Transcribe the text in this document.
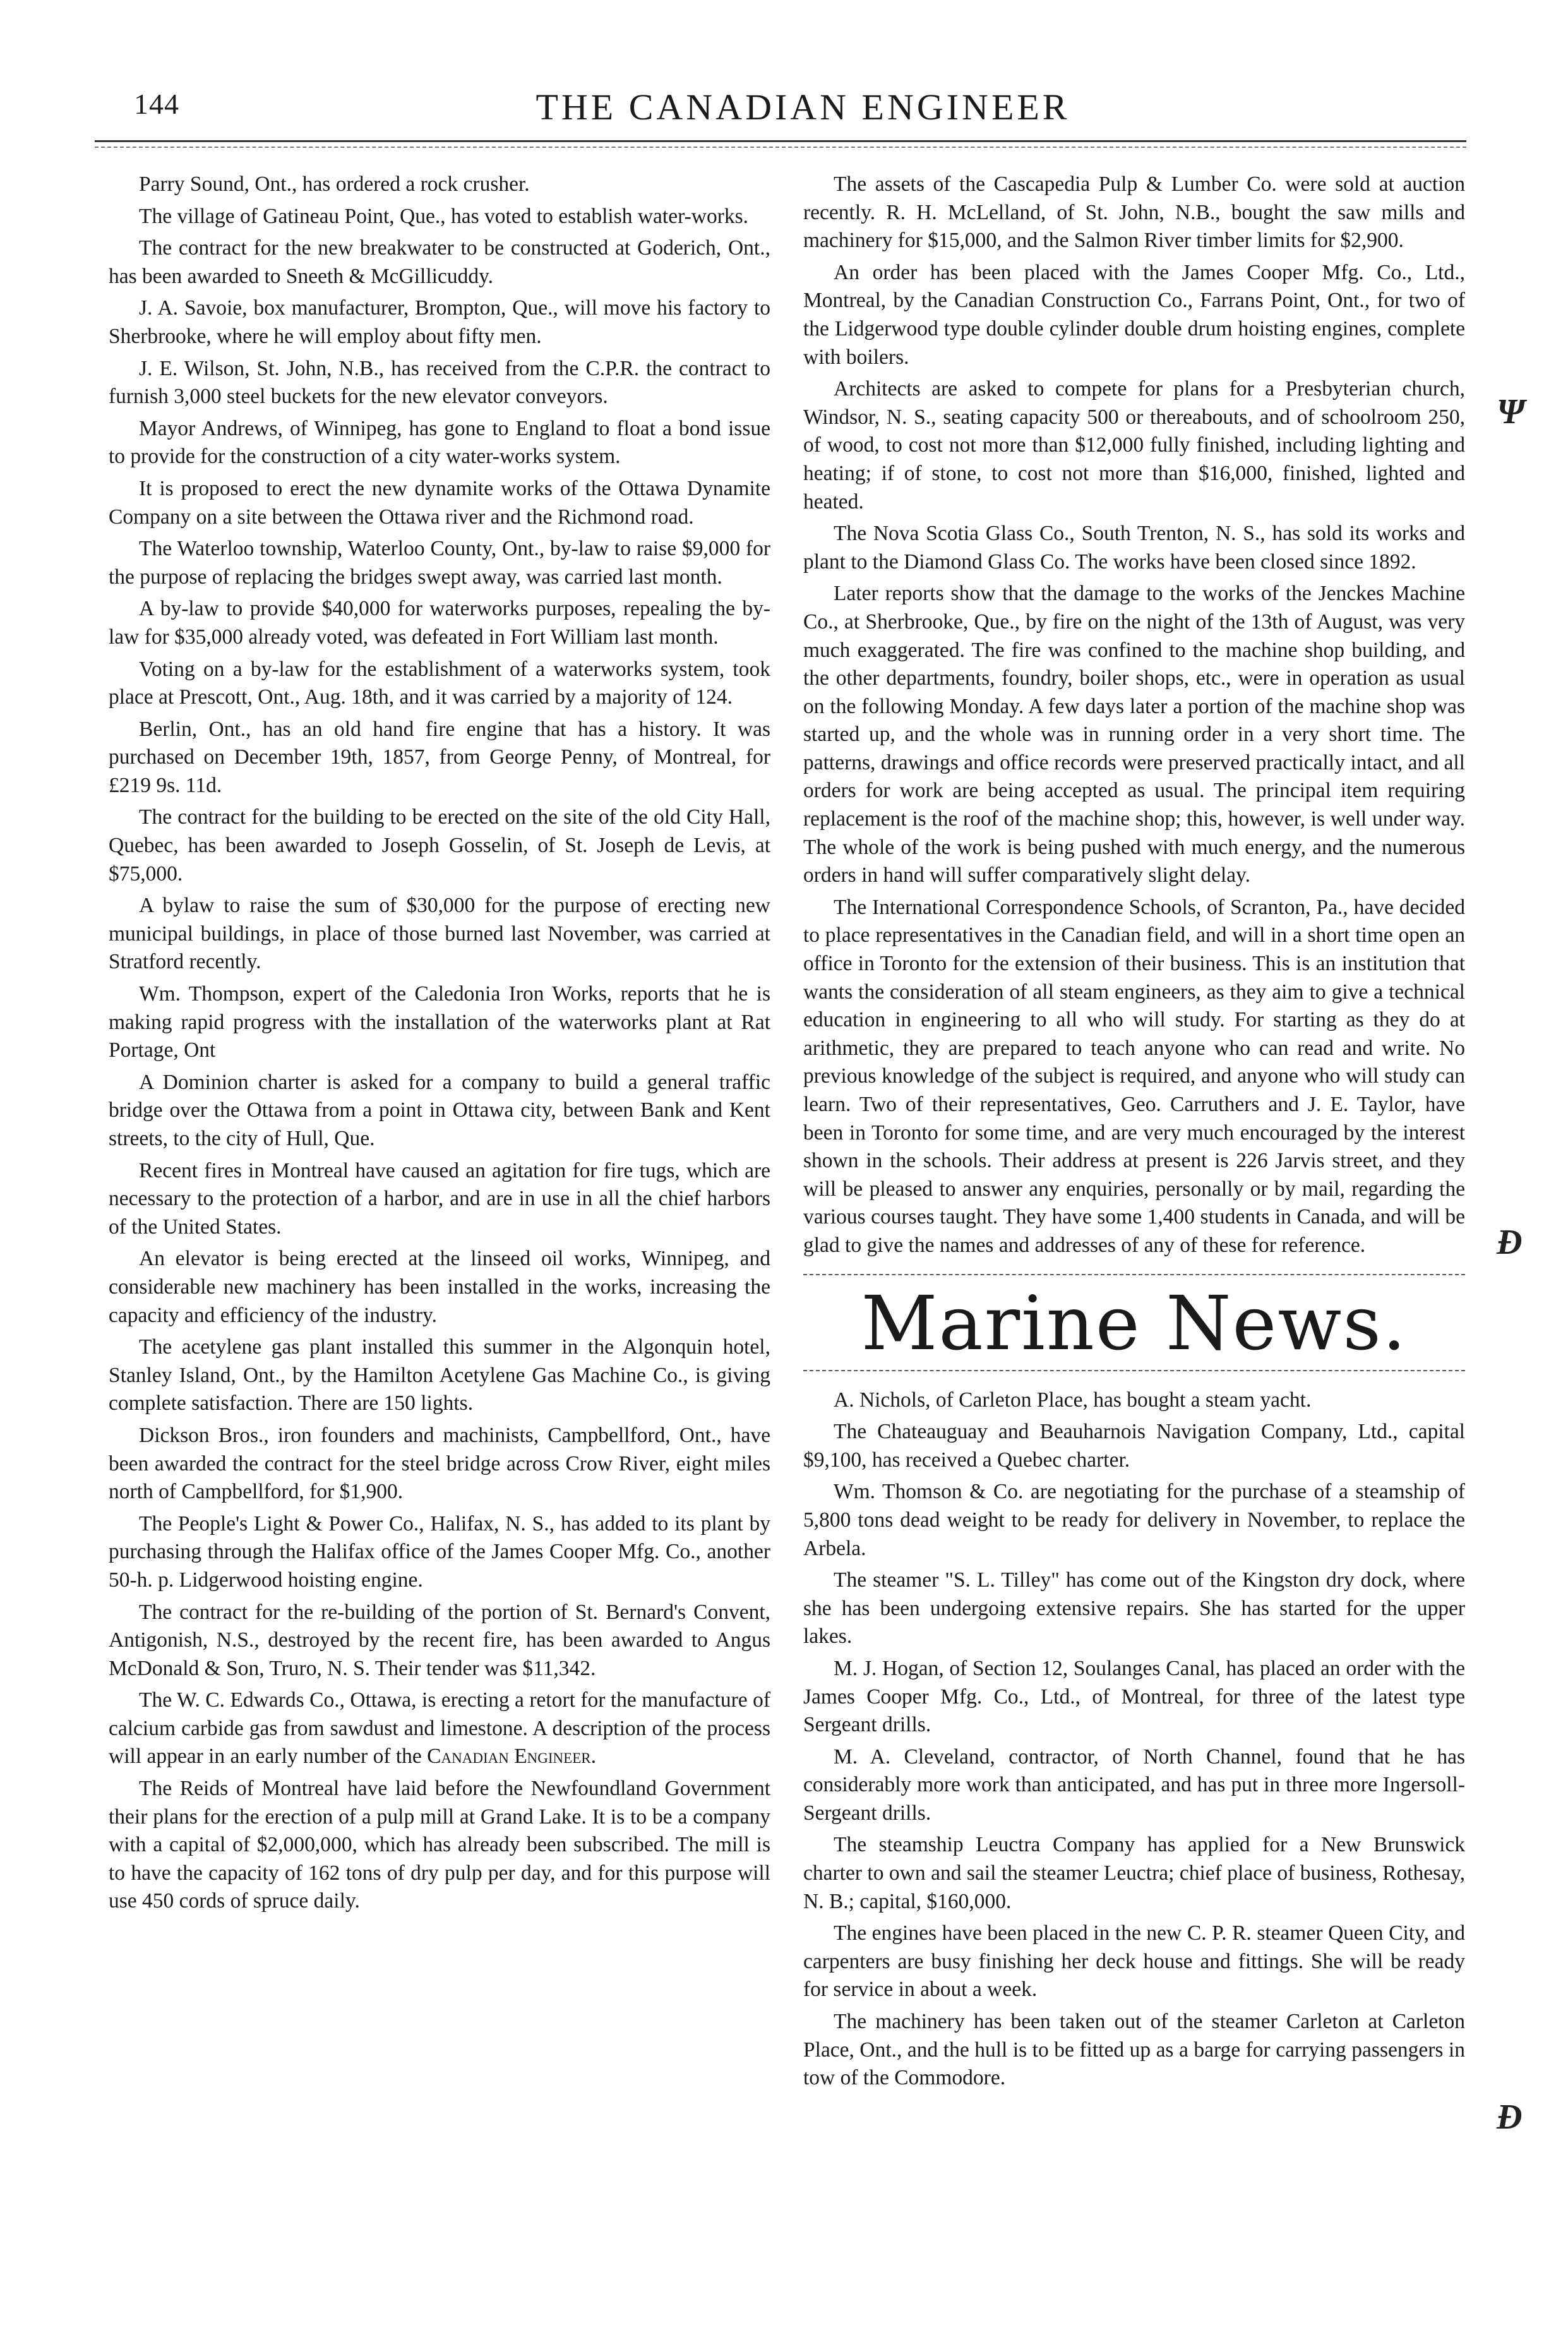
144	THE CANADIAN ENGINEER

Parry Sound, Ont., has ordered a rock crusher.

The village of Gatineau Point, Que., has voted to establish water-works.

The contract for the new breakwater to be constructed at Goderich, Ont., has been awarded to Sneeth & McGillicuddy.

J. A. Savoie, box manufacturer, Brompton, Que., will move his factory to Sherbrooke, where he will employ about fifty men.

J. E. Wilson, St. John, N.B., has received from the C.P.R. the contract to furnish 3,000 steel buckets for the new elevator conveyors.

Mayor Andrews, of Winnipeg, has gone to England to float a bond issue to provide for the construction of a city water-works system.

It is proposed to erect the new dynamite works of the Ottawa Dynamite Company on a site between the Ottawa river and the Richmond road.

The Waterloo township, Waterloo County, Ont., by-law to raise $9,000 for the purpose of replacing the bridges swept away, was carried last month.

A by-law to provide $40,000 for waterworks purposes, repealing the by-law for $35,000 already voted, was defeated in Fort William last month.

Voting on a by-law for the establishment of a waterworks system, took place at Prescott, Ont., Aug. 18th, and it was carried by a majority of 124.

Berlin, Ont., has an old hand fire engine that has a history. It was purchased on December 19th, 1857, from George Penny, of Montreal, for £219 9s. 11d.

The contract for the building to be erected on the site of the old City Hall, Quebec, has been awarded to Joseph Gosselin, of St. Joseph de Levis, at $75,000.

A bylaw to raise the sum of $30,000 for the purpose of erecting new municipal buildings, in place of those burned last November, was carried at Stratford recently.

Wm. Thompson, expert of the Caledonia Iron Works, reports that he is making rapid progress with the installation of the waterworks plant at Rat Portage, Ont

A Dominion charter is asked for a company to build a general traffic bridge over the Ottawa from a point in Ottawa city, between Bank and Kent streets, to the city of Hull, Que.

Recent fires in Montreal have caused an agitation for fire tugs, which are necessary to the protection of a harbor, and are in use in all the chief harbors of the United States.

An elevator is being erected at the linseed oil works, Winnipeg, and considerable new machinery has been installed in the works, increasing the capacity and efficiency of the industry.

The acetylene gas plant installed this summer in the Algonquin hotel, Stanley Island, Ont., by the Hamilton Acetylene Gas Machine Co., is giving complete satisfaction. There are 150 lights.

Dickson Bros., iron founders and machinists, Campbellford, Ont., have been awarded the contract for the steel bridge across Crow River, eight miles north of Campbellford, for $1,900.

The People's Light & Power Co., Halifax, N. S., has added to its plant by purchasing through the Halifax office of the James Cooper Mfg. Co., another 50-h. p. Lidgerwood hoisting engine.

The contract for the re-building of the portion of St. Bernard's Convent, Antigonish, N.S., destroyed by the recent fire, has been awarded to Angus McDonald & Son, Truro, N. S. Their tender was $11,342.

The W. C. Edwards Co., Ottawa, is erecting a retort for the manufacture of calcium carbide gas from sawdust and limestone. A description of the process will appear in an early number of the Canadian Engineer.

The Reids of Montreal have laid before the Newfoundland Government their plans for the erection of a pulp mill at Grand Lake. It is to be a company with a capital of $2,000,000, which has already been subscribed. The mill is to have the capacity of 162 tons of dry pulp per day, and for this purpose will use 450 cords of spruce daily.

The assets of the Cascapedia Pulp & Lumber Co. were sold at auction recently. R. H. McLelland, of St. John, N.B., bought the saw mills and machinery for $15,000, and the Salmon River timber limits for $2,900.

An order has been placed with the James Cooper Mfg. Co., Ltd., Montreal, by the Canadian Construction Co., Farrans Point, Ont., for two of the Lidgerwood type double cylinder double drum hoisting engines, complete with boilers.

Architects are asked to compete for plans for a Presbyterian church, Windsor, N. S., seating capacity 500 or thereabouts, and of schoolroom 250, of wood, to cost not more than $12,000 fully finished, including lighting and heating; if of stone, to cost not more than $16,000, finished, lighted and heated.

The Nova Scotia Glass Co., South Trenton, N. S., has sold its works and plant to the Diamond Glass Co. The works have been closed since 1892.

Later reports show that the damage to the works of the Jenckes Machine Co., at Sherbrooke, Que., by fire on the night of the 13th of August, was very much exaggerated. The fire was confined to the machine shop building, and the other departments, foundry, boiler shops, etc., were in operation as usual on the following Monday. A few days later a portion of the machine shop was started up, and the whole was in running order in a very short time. The patterns, drawings and office records were preserved practically intact, and all orders for work are being accepted as usual. The principal item requiring replacement is the roof of the machine shop; this, however, is well under way. The whole of the work is being pushed with much energy, and the numerous orders in hand will suffer comparatively slight delay.

The International Correspondence Schools, of Scranton, Pa., have decided to place representatives in the Canadian field, and will in a short time open an office in Toronto for the extension of their business. This is an institution that wants the consideration of all steam engineers, as they aim to give a technical education in engineering to all who will study. For starting as they do at arithmetic, they are prepared to teach anyone who can read and write. No previous knowledge of the subject is required, and anyone who will study can learn. Two of their representatives, Geo. Carruthers and J. E. Taylor, have been in Toronto for some time, and are very much encouraged by the interest shown in the schools. Their address at present is 226 Jarvis street, and they will be pleased to answer any enquiries, personally or by mail, regarding the various courses taught. They have some 1,400 students in Canada, and will be glad to give the names and addresses of any of these for reference.

Marine News.

A. Nichols, of Carleton Place, has bought a steam yacht.

The Chateauguay and Beauharnois Navigation Company, Ltd., capital $9,100, has received a Quebec charter.

Wm. Thomson & Co. are negotiating for the purchase of a steamship of 5,800 tons dead weight to be ready for delivery in November, to replace the Arbela.

The steamer "S. L. Tilley" has come out of the Kingston dry dock, where she has been undergoing extensive repairs. She has started for the upper lakes.

M. J. Hogan, of Section 12, Soulanges Canal, has placed an order with the James Cooper Mfg. Co., Ltd., of Montreal, for three of the latest type Sergeant drills.

M. A. Cleveland, contractor, of North Channel, found that he has considerably more work than anticipated, and has put in three more Ingersoll-Sergeant drills.

The steamship Leuctra Company has applied for a New Brunswick charter to own and sail the steamer Leuctra; chief place of business, Rothesay, N. B.; capital, $160,000.

The engines have been placed in the new C. P. R. steamer Queen City, and carpenters are busy finishing her deck house and fittings. She will be ready for service in about a week.

The machinery has been taken out of the steamer Carleton at Carleton Place, Ont., and the hull is to be fitted up as a barge for carrying passengers in tow of the Commodore.

Ψ
Ð
Ð
